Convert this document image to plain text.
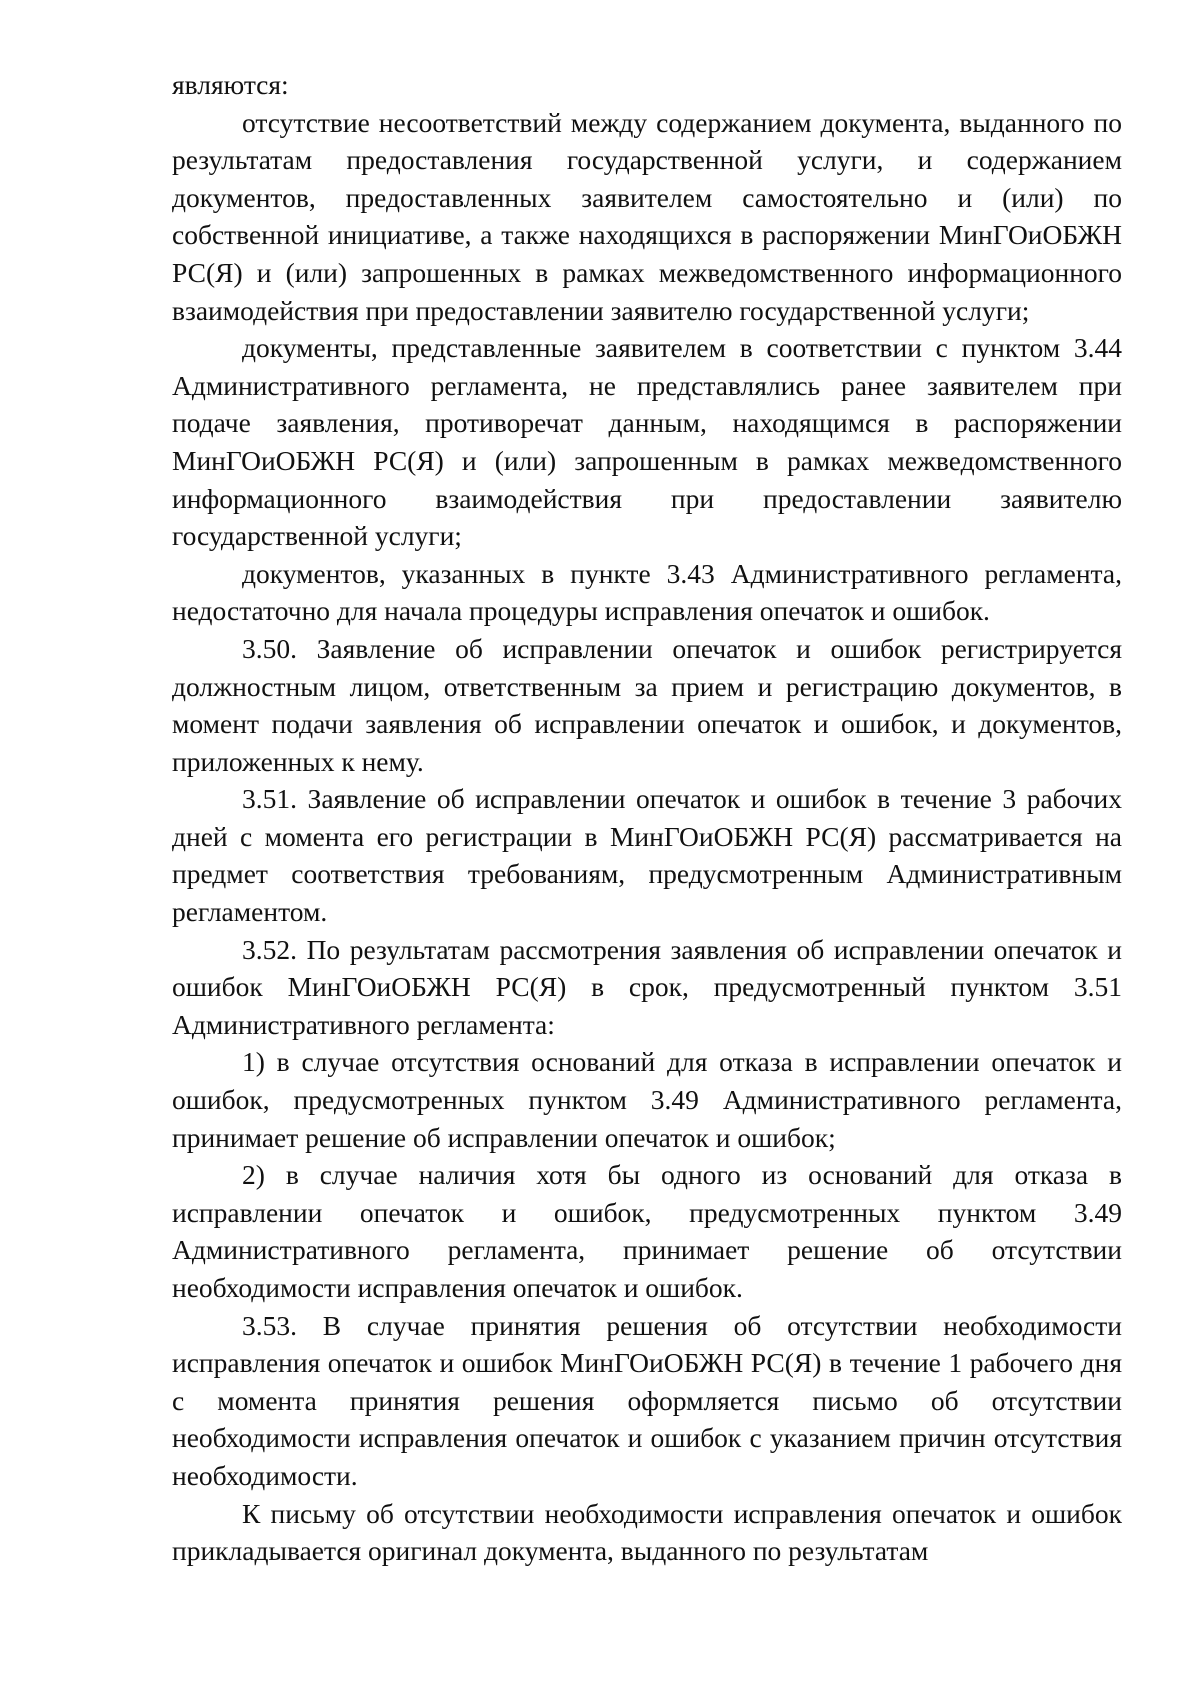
являются:

отсутствие несоответствий между содержанием документа, выданного по результатам предоставления государственной услуги, и содержанием документов, предоставленных заявителем самостоятельно и (или) по собственной инициативе, а также находящихся в распоряжении МинГОиОБЖН РС(Я) и (или) запрошенных в рамках межведомственного информационного взаимодействия при предоставлении заявителю государственной услуги;

документы, представленные заявителем в соответствии с пунктом 3.44 Административного регламента, не представлялись ранее заявителем при подаче заявления, противоречат данным, находящимся в распоряжении МинГОиОБЖН РС(Я) и (или) запрошенным в рамках межведомственного информационного взаимодействия при предоставлении заявителю государственной услуги;

документов, указанных в пункте 3.43 Административного регламента, недостаточно для начала процедуры исправления опечаток и ошибок.

3.50. Заявление об исправлении опечаток и ошибок регистрируется должностным лицом, ответственным за прием и регистрацию документов, в момент подачи заявления об исправлении опечаток и ошибок, и документов, приложенных к нему.

3.51. Заявление об исправлении опечаток и ошибок в течение 3 рабочих дней с момента его регистрации в МинГОиОБЖН РС(Я) рассматривается на предмет соответствия требованиям, предусмотренным Административным регламентом.

3.52. По результатам рассмотрения заявления об исправлении опечаток и ошибок МинГОиОБЖН РС(Я) в срок, предусмотренный пунктом 3.51 Административного регламента:

1) в случае отсутствия оснований для отказа в исправлении опечаток и ошибок, предусмотренных пунктом 3.49 Административного регламента, принимает решение об исправлении опечаток и ошибок;

2) в случае наличия хотя бы одного из оснований для отказа в исправлении опечаток и ошибок, предусмотренных пунктом 3.49 Административного регламента, принимает решение об отсутствии необходимости исправления опечаток и ошибок.

3.53. В случае принятия решения об отсутствии необходимости исправления опечаток и ошибок МинГОиОБЖН РС(Я) в течение 1 рабочего дня с момента принятия решения оформляется письмо об отсутствии необходимости исправления опечаток и ошибок с указанием причин отсутствия необходимости.

К письму об отсутствии необходимости исправления опечаток и ошибок прикладывается оригинал документа, выданного по результатам
